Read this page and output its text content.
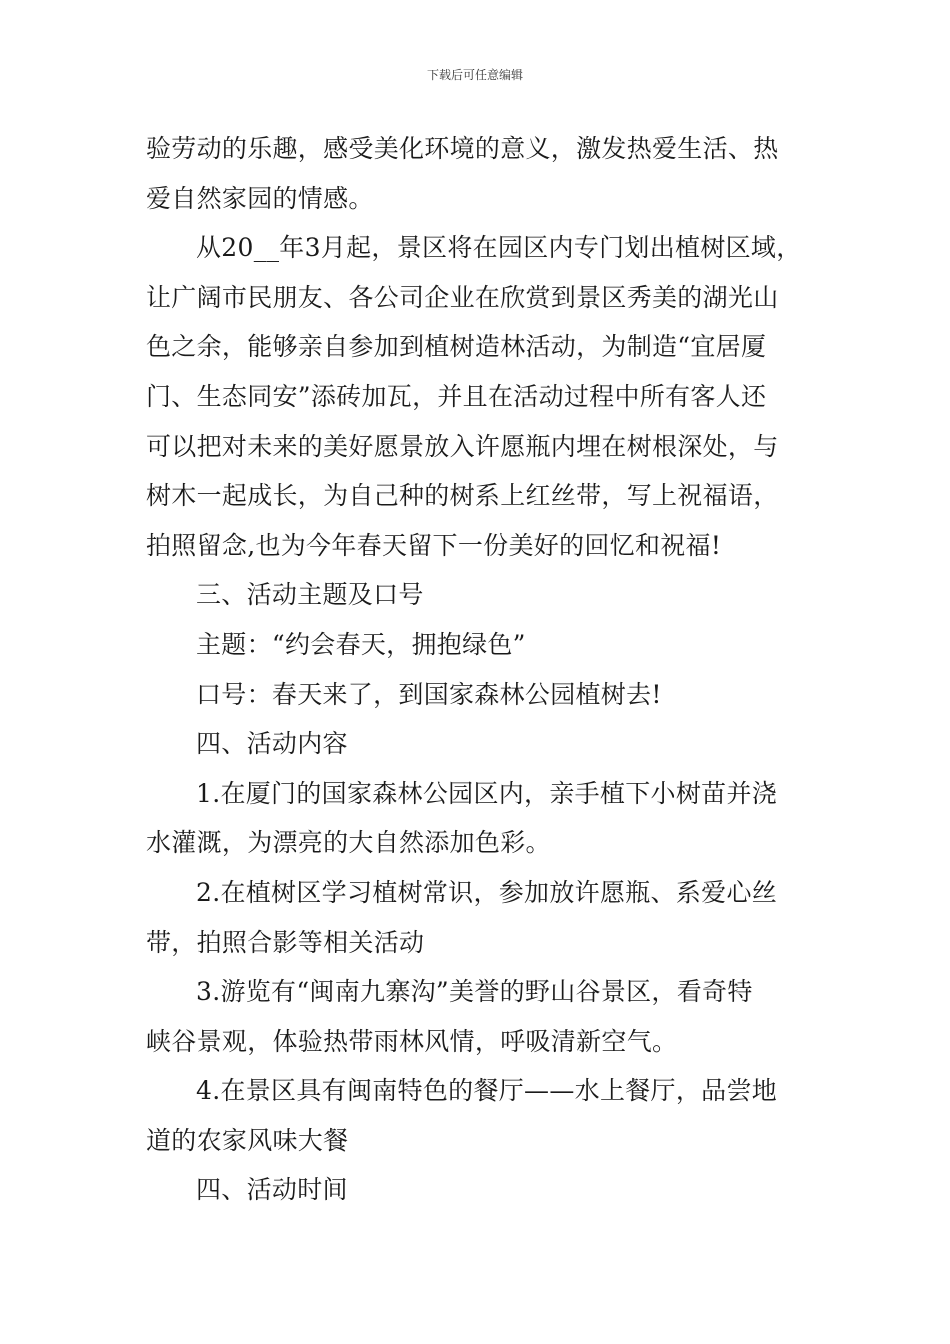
下载后可任意编辑
验劳动的乐趣，感受美化环境的意义，激发热爱生活、热
爱自然家园的情感。
从20__年3月起，景区将在园区内专门划出植树区域，
让广阔市民朋友、各公司企业在欣赏到景区秀美的湖光山
色之余，能够亲自参加到植树造林活动，为制造“宜居厦
门、生态同安”添砖加瓦，并且在活动过程中所有客人还
可以把对未来的美好愿景放入许愿瓶内埋在树根深处，与
树木一起成长，为自己种的树系上红丝带，写上祝福语，
拍照留念,也为今年春天留下一份美好的回忆和祝福!
三、活动主题及口号
主题：“约会春天，拥抱绿色”
口号：春天来了，到国家森林公园植树去!
四、活动内容
1.在厦门的国家森林公园区内，亲手植下小树苗并浇
水灌溉，为漂亮的大自然添加色彩。
2.在植树区学习植树常识，参加放许愿瓶、系爱心丝
带，拍照合影等相关活动
3.游览有“闽南九寨沟”美誉的野山谷景区，看奇特
峡谷景观，体验热带雨林风情，呼吸清新空气。
4.在景区具有闽南特色的餐厅——水上餐厅，品尝地
道的农家风味大餐
四、活动时间
